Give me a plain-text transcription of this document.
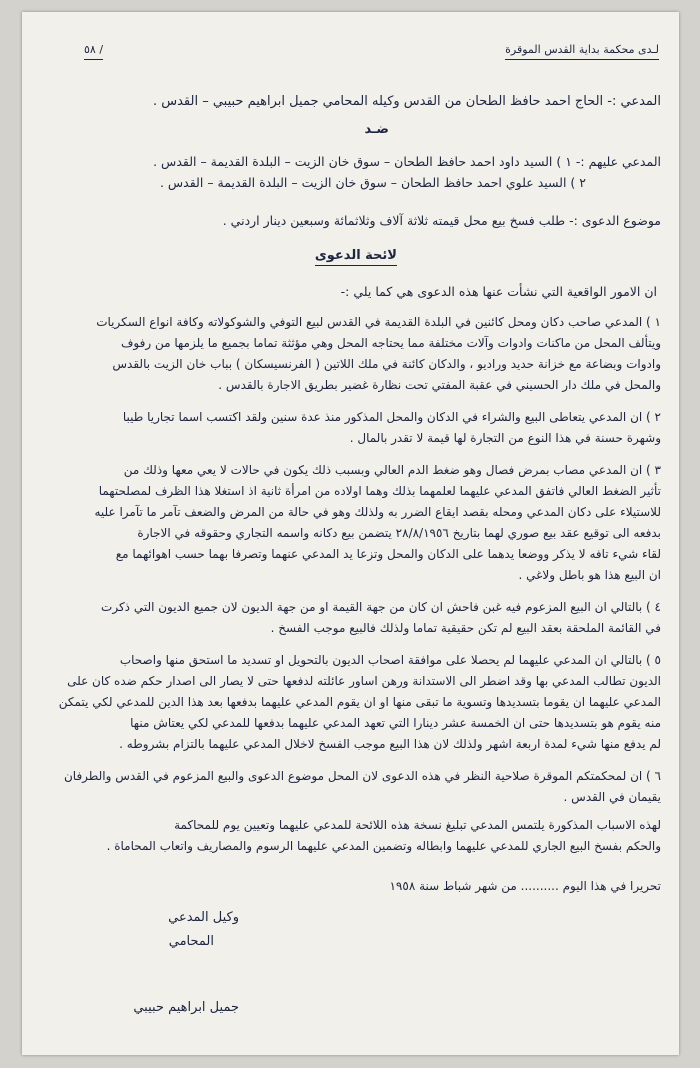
لـدى محكمة بداية القدس الموقرة
/ ٥٨
المدعي :- الحاج احمد حافظ الطحان من القدس وكيله المحامي جميل ابراهيم حبيبي – القدس .
ضـد
المدعي عليهم :- ١ ) السيد داود احمد حافظ الطحان – سوق خان الزيت – البلدة القديمة – القدس .
٢ ) السيد علوي احمد حافظ الطحان – سوق خان الزيت – البلدة القديمة – القدس .
موضوع الدعوى :- طلب فسخ بيع محل قيمته ثلاثة آلاف وثلاثمائة وسبعين دينار اردني .
لائحة الدعوى
ان الامور الواقعية التي نشأت عنها هذه الدعوى هي كما يلي :-
١ ) المدعي صاحب دكان ومحل كائنين في البلدة القديمة في القدس لبيع التوفي والشوكولاته وكافة انواع السكريات
ويتألف المحل من ماكنات وادوات وآلات مختلفة مما يحتاجه المحل وهي مؤثثة تماما بجميع ما يلزمها من رفوف
وادوات وبضاعة مع خزانة حديد وراديو ، والدكان كائنة في ملك اللاتين ( الفرنسيسكان ) بباب خان الزيت بالقدس
والمحل في ملك دار الحسيني في عقبة المفتي تحت نظارة غضير بطريق الاجارة بالقدس .
٢ ) ان المدعي يتعاطى البيع والشراء في الدكان والمحل المذكور منذ عدة سنين ولقد اكتسب اسما تجاريا طيبا
وشهرة حسنة في هذا النوع من التجارة لها قيمة لا تقدر بالمال .
٣ ) ان المدعي مصاب بمرض فصال وهو ضغط الدم العالي وبسبب ذلك يكون في حالات لا يعي معها وذلك من
تأثير الضغط العالي فاتفق المدعي عليهما لعلمهما بذلك وهما اولاده من امرأة ثانية اذ استغلا هذا الظرف لمصلحتهما
للاستيلاء على دكان المدعي ومحله بقصد ايقاع الضرر به ولذلك وهو في حالة من المرض والضعف تآمر ما تآمرا عليه
بدفعه الى توقيع عقد بيع صوري لهما بتاريخ ٢٨/٨/١٩٥٦ يتضمن بيع دكانه واسمه التجاري وحقوقه في الاجارة
لقاء شيء تافه لا يذكر ووضعا يدهما على الدكان والمحل وتزعا يد المدعي عنهما وتصرفا بهما حسب اهوائهما مع
ان البيع هذا هو باطل ولاغي .
٤ ) بالتالي ان البيع المزعوم فيه غبن فاحش ان كان من جهة القيمة او من جهة الديون لان جميع الديون التي ذكرت
في القائمة الملحقة بعقد البيع لم تكن حقيقية تماما ولذلك فالبيع موجب الفسخ .
٥ ) بالتالي ان المدعي عليهما لم يحصلا على موافقة اصحاب الديون بالتحويل او تسديد ما استحق منها واصحاب
الديون تطالب المدعي بها وقد اضطر الى الاستدانة ورهن اساور عائلته لدفعها حتى لا يصار الى اصدار حكم ضده كان على
المدعي عليهما ان يقوما بتسديدها وتسوية ما تبقى منها او ان يقوم المدعي عليهما بدفعها بعد هذا الدين للمدعي لكي يتمكن
منه يقوم هو بتسديدها حتى ان الخمسة عشر دينارا التي تعهد المدعي عليهما بدفعها للمدعي لكي يعتاش منها
لم يدفع منها شيء لمدة اربعة اشهر ولذلك لان هذا البيع موجب الفسخ لاخلال المدعي عليهما بالتزام بشروطه .
٦ ) ان لمحكمتكم الموقرة صلاحية النظر في هذه الدعوى لان المحل موضوع الدعوى والبيع المزعوم في القدس والطرفان
يقيمان في القدس .
لهذه الاسباب المذكورة يلتمس المدعي تبليغ نسخة هذه اللائحة للمدعي عليهما وتعيين يوم للمحاكمة
والحكم بفسخ البيع الجاري للمدعي عليهما وابطاله وتضمين المدعي عليهما الرسوم والمصاريف واتعاب المحاماة .
تحريرا في هذا اليوم .......... من شهر شباط سنة ١٩٥٨
وكيل المدعي
المحامي
جميل ابراهيم حبيبي
